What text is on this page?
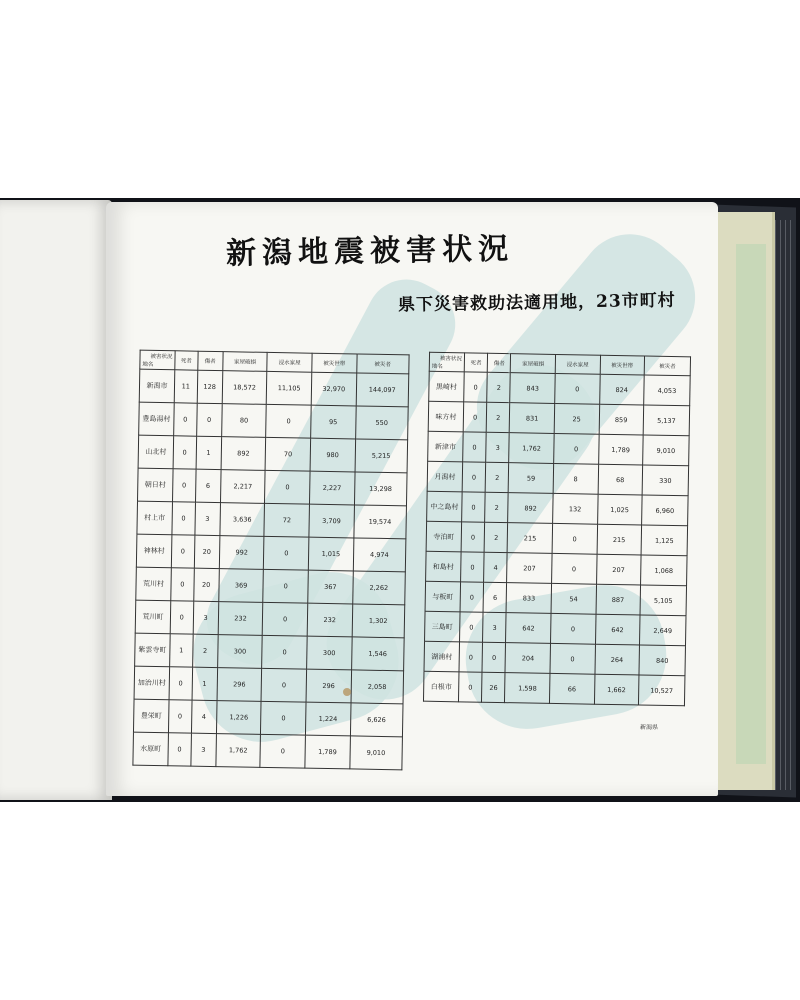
新潟地震被害状況
県下災害救助法適用地，23市町村
被害状況
地名	死者	傷者	家屋破損	浸水家屋	被災世帯	被災者
新潟市	11	128	18,572	11,105	32,970	144,097
豊島湯村	0	0	80	0	95	550
山北村	0	1	892	70	980	5,215
朝日村	0	6	2,217	0	2,227	13,298
村上市	0	3	3,636	72	3,709	19,574
神林村	0	20	992	0	1,015	4,974
荒川村	0	20	369	0	367	2,262
荒川町	0	3	232	0	232	1,302
紫雲寺町	1	2	300	0	300	1,546
加治川村	0	1	296	0	296	2,058
豊栄町	0	4	1,226	0	1,224	6,626
水原町	0	3	1,762	0	1,789	9,010
被害状況
地名	死者	傷者	家屋破損	浸水家屋	被災世帯	被災者
黒崎村	0	2	843	0	824	4,053
味方村	0	2	831	25	859	5,137
新津市	0	3	1,762	0	1,789	9,010
月潟村	0	2	59	8	68	330
中之島村	0	2	892	132	1,025	6,960
寺泊町	0	2	215	0	215	1,125
和島村	0	4	207	0	207	1,068
与板町	0	6	833	54	887	5,105
三島町	0	3	642	0	642	2,649
湖浦村	0	0	204	0	264	840
白根市	0	26	1,598	66	1,662	10,527
新潟県
